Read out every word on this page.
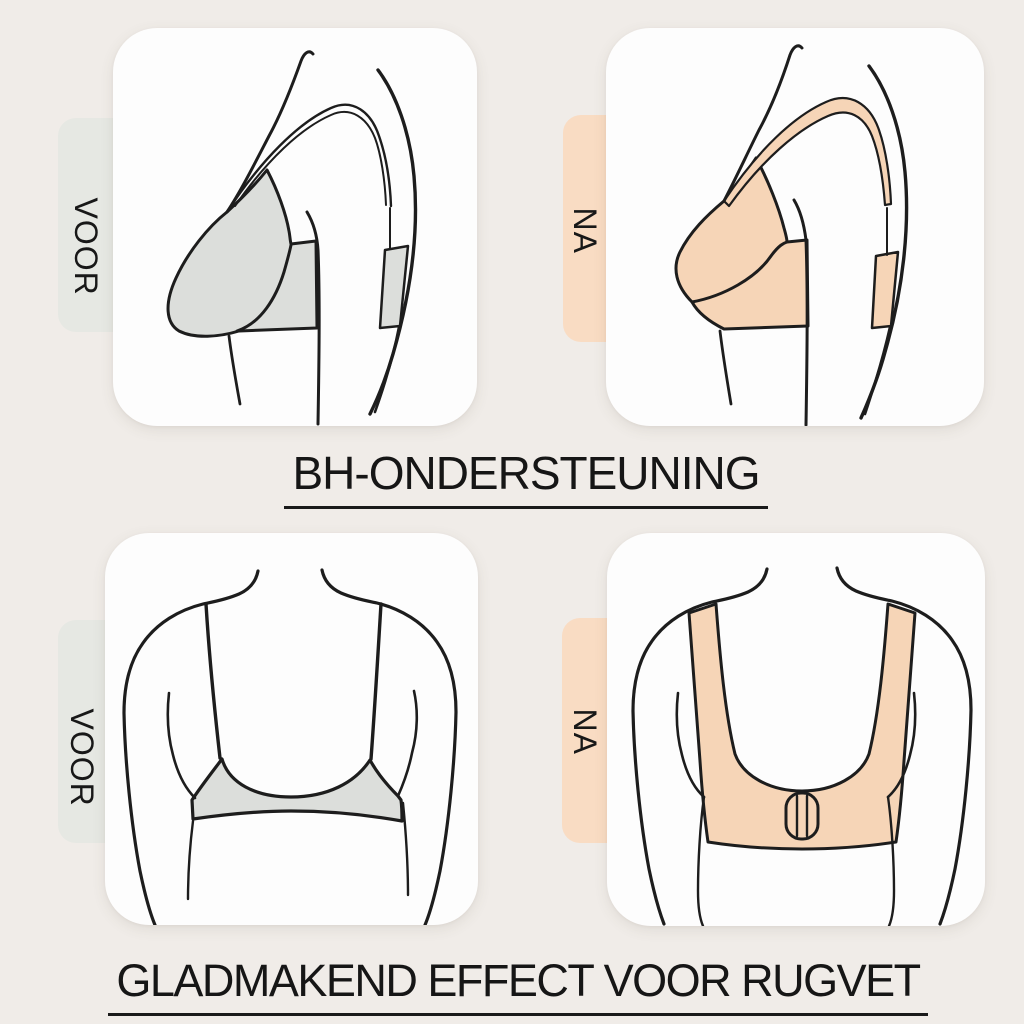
VOOR	NA
BH-ONDERSTEUNING
VOOR	NA
GLADMAKEND EFFECT VOOR RUGVET
